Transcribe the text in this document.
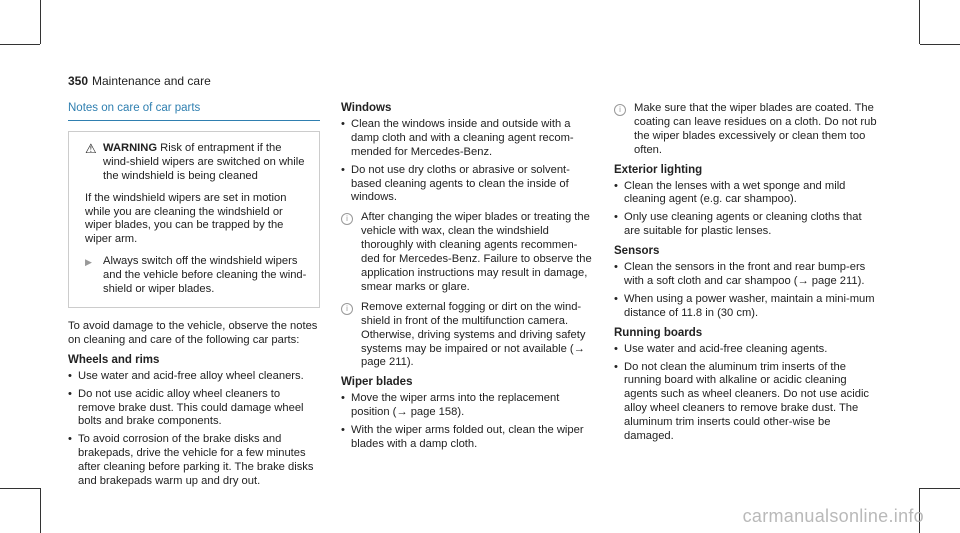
350 Maintenance and care
Notes on care of car parts
⚠ WARNING Risk of entrapment if the wind-shield wipers are switched on while the windshield is being cleaned

If the windshield wipers are set in motion while you are cleaning the windshield or wiper blades, you can be trapped by the wiper arm.

▶ Always switch off the windshield wipers and the vehicle before cleaning the wind-shield or wiper blades.

To avoid damage to the vehicle, observe the notes on cleaning and care of the following car parts:

Wheels and rims
• Use water and acid-free alloy wheel cleaners.
• Do not use acidic alloy wheel cleaners to remove brake dust. This could damage wheel bolts and brake components.
• To avoid corrosion of the brake disks and brakepads, drive the vehicle for a few minutes after cleaning before parking it. The brake disks and brakepads warm up and dry out.
Windows
• Clean the windows inside and outside with a damp cloth and with a cleaning agent recom-mended for Mercedes-Benz.
• Do not use dry cloths or abrasive or solvent-based cleaning agents to clean the inside of windows.
i	After changing the wiper blades or treating the vehicle with wax, clean the windshield thoroughly with cleaning agents recommen-ded for Mercedes-Benz. Failure to observe the application instructions may result in damage, smear marks or glare.
i	Remove external fogging or dirt on the wind-shield in front of the multifunction camera. Otherwise, driving systems and driving safety systems may be impaired or not available (→ page 211).
Wiper blades
• Move the wiper arms into the replacement position (→ page 158).
• With the wiper arms folded out, clean the wiper blades with a damp cloth.
i	Make sure that the wiper blades are coated. The coating can leave residues on a cloth. Do not rub the wiper blades excessively or clean them too often.
Exterior lighting
• Clean the lenses with a wet sponge and mild cleaning agent (e.g. car shampoo).
• Only use cleaning agents or cleaning cloths that are suitable for plastic lenses.
Sensors
• Clean the sensors in the front and rear bump-ers with a soft cloth and car shampoo (→ page 211).
• When using a power washer, maintain a mini-mum distance of 11.8 in (30 cm).
Running boards
• Use water and acid-free cleaning agents.
• Do not clean the aluminum trim inserts of the running board with alkaline or acidic cleaning agents such as wheel cleaners. Do not use acidic alloy wheel cleaners to remove brake dust. The aluminum trim inserts could other-wise be damaged.
carmanualsonline.info
